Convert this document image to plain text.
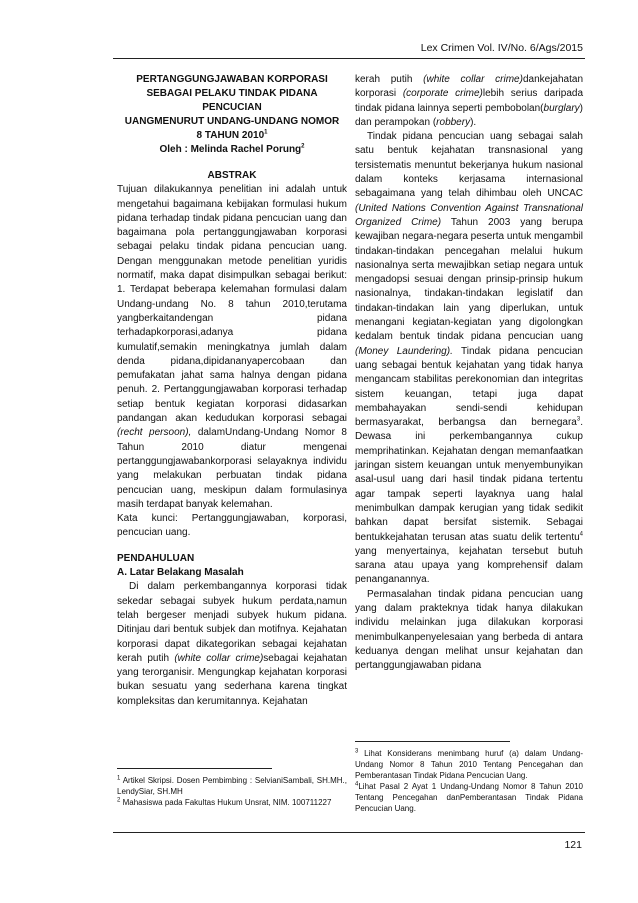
Lex Crimen Vol. IV/No. 6/Ags/2015

PERTANGGUNGJAWABAN KORPORASI

SEBAGAI PELAKU TINDAK PIDANA PENCUCIAN

UANGMENURUT UNDANG-UNDANG NOMOR

8 TAHUN 2010$^1$

Oleh : Melinda Rachel Porung$^2$

ABSTRAK

Tujuan dilakukannya penelitian ini adalah untuk mengetahui bagaimana kebijakan formulasi hukum pidana terhadap tindak pidana pencucian uang dan bagaimana pola pertanggungjawaban korporasi sebagai pelaku tindak pidana pencucian uang. Dengan menggunakan metode penelitian yuridis normatif, maka dapat disimpulkan sebagai berikut: 1. Terdapat beberapa kelemahan formulasi dalam Undang-undang No. 8 tahun 2010,terutama yangberkaitandengan pidana terhadapkorporasi,adanya pidana kumulatif,semakin meningkatnya jumlah dalam denda pidana,dipidananyapercobaan dan pemufakatan jahat sama halnya dengan pidana penuh. 2. Pertanggungjawaban korporasi terhadap setiap bentuk kegiatan korporasi didasarkan pandangan akan kedudukan korporasi sebagai (recht persoon), dalamUndang-Undang Nomor 8 Tahun 2010 diatur mengenai pertanggungjawabankorporasi selayaknya individu yang melakukan perbuatan tindak pidana pencucian uang, meskipun dalam formulasinya masih terdapat banyak kelemahan.

Kata kunci: Pertanggungjawaban, korporasi, pencucian uang.

PENDAHULUAN

A. Latar Belakang Masalah

Di dalam perkembangannya korporasi tidak sekedar sebagai subyek hukum perdata,namun telah bergeser menjadi subyek hukum pidana. Ditinjau dari bentuk subjek dan motifnya. Kejahatan korporasi dapat dikategorikan sebagai kejahatan kerah putih (white collar crime)sebagai kejahatan yang terorganisir. Mengungkap kejahatan korporasi bukan sesuatu yang sederhana karena tingkat kompleksitas dan kerumitannya. Kejahatan

$^1$ Artikel Skripsi. Dosen Pembimbing : SelvianiSambali, SH.MH., LendySiar, SH.MH

$^2$ Mahasiswa pada Fakultas Hukum Unsrat, NIM. 100711227

kerah putih (white collar crime)dankejahatan korporasi (corporate crime)lebih serius daripada tindak pidana lainnya seperti pembobolan(burglary) dan perampokan (robbery).

Tindak pidana pencucian uang sebagai salah satu bentuk kejahatan transnasional yang tersistematis menuntut bekerjanya hukum nasional dalam konteks kerjasama internasional sebagaimana yang telah dihimbau oleh UNCAC (United Nations Convention Against Transnational Organized Crime) Tahun 2003 yang berupa kewajiban negara-negara peserta untuk mengambil tindakan-tindakan pencegahan melalui hukum nasionalnya serta mewajibkan setiap negara untuk mengadopsi sesuai dengan prinsip-prinsip hukum nasionalnya, tindakan-tindakan legislatif dan tindakan-tindakan lain yang diperlukan, untuk menangani kegiatan-kegiatan yang digolongkan kedalam bentuk tindak pidana pencucian uang (Money Laundering). Tindak pidana pencucian uang sebagai bentuk kejahatan yang tidak hanya mengancam stabilitas perekonomian dan integritas sistem keuangan, tetapi juga dapat membahayakan sendi-sendi kehidupan bermasyarakat, berbangsa dan bernegara$^3$. Dewasa ini perkembangannya cukup memprihatinkan. Kejahatan dengan memanfaatkan jaringan sistem keuangan untuk menyembunyikan asal-usul uang dari hasil tindak pidana tertentu agar tampak seperti layaknya uang halal menimbulkan dampak kerugian yang tidak sedikit bahkan dapat bersifat sistemik. Sebagai bentukkejahatan terusan atas suatu delik tertentu$^4$ yang menyertainya, kejahatan tersebut butuh sarana atau upaya yang komprehensif dalam penanganannya.

Permasalahan tindak pidana pencucian uang yang dalam prakteknya tidak hanya dilakukan individu melainkan juga dilakukan korporasi menimbulkanpenyelesaian yang berbeda di antara keduanya dengan melihat unsur kejahatan dan pertanggungjawaban pidana

$^3$ Lihat Konsiderans menimbang huruf (a) dalam Undang-Undang Nomor 8 Tahun 2010 Tentang Pencegahan dan Pemberantasan Tindak Pidana Pencucian Uang.

$^4$Lihat Pasal 2 Ayat 1 Undang-Undang Nomor 8 Tahun 2010 Tentang Pencegahan danPemberantasan Tindak Pidana Pencucian Uang.

121
